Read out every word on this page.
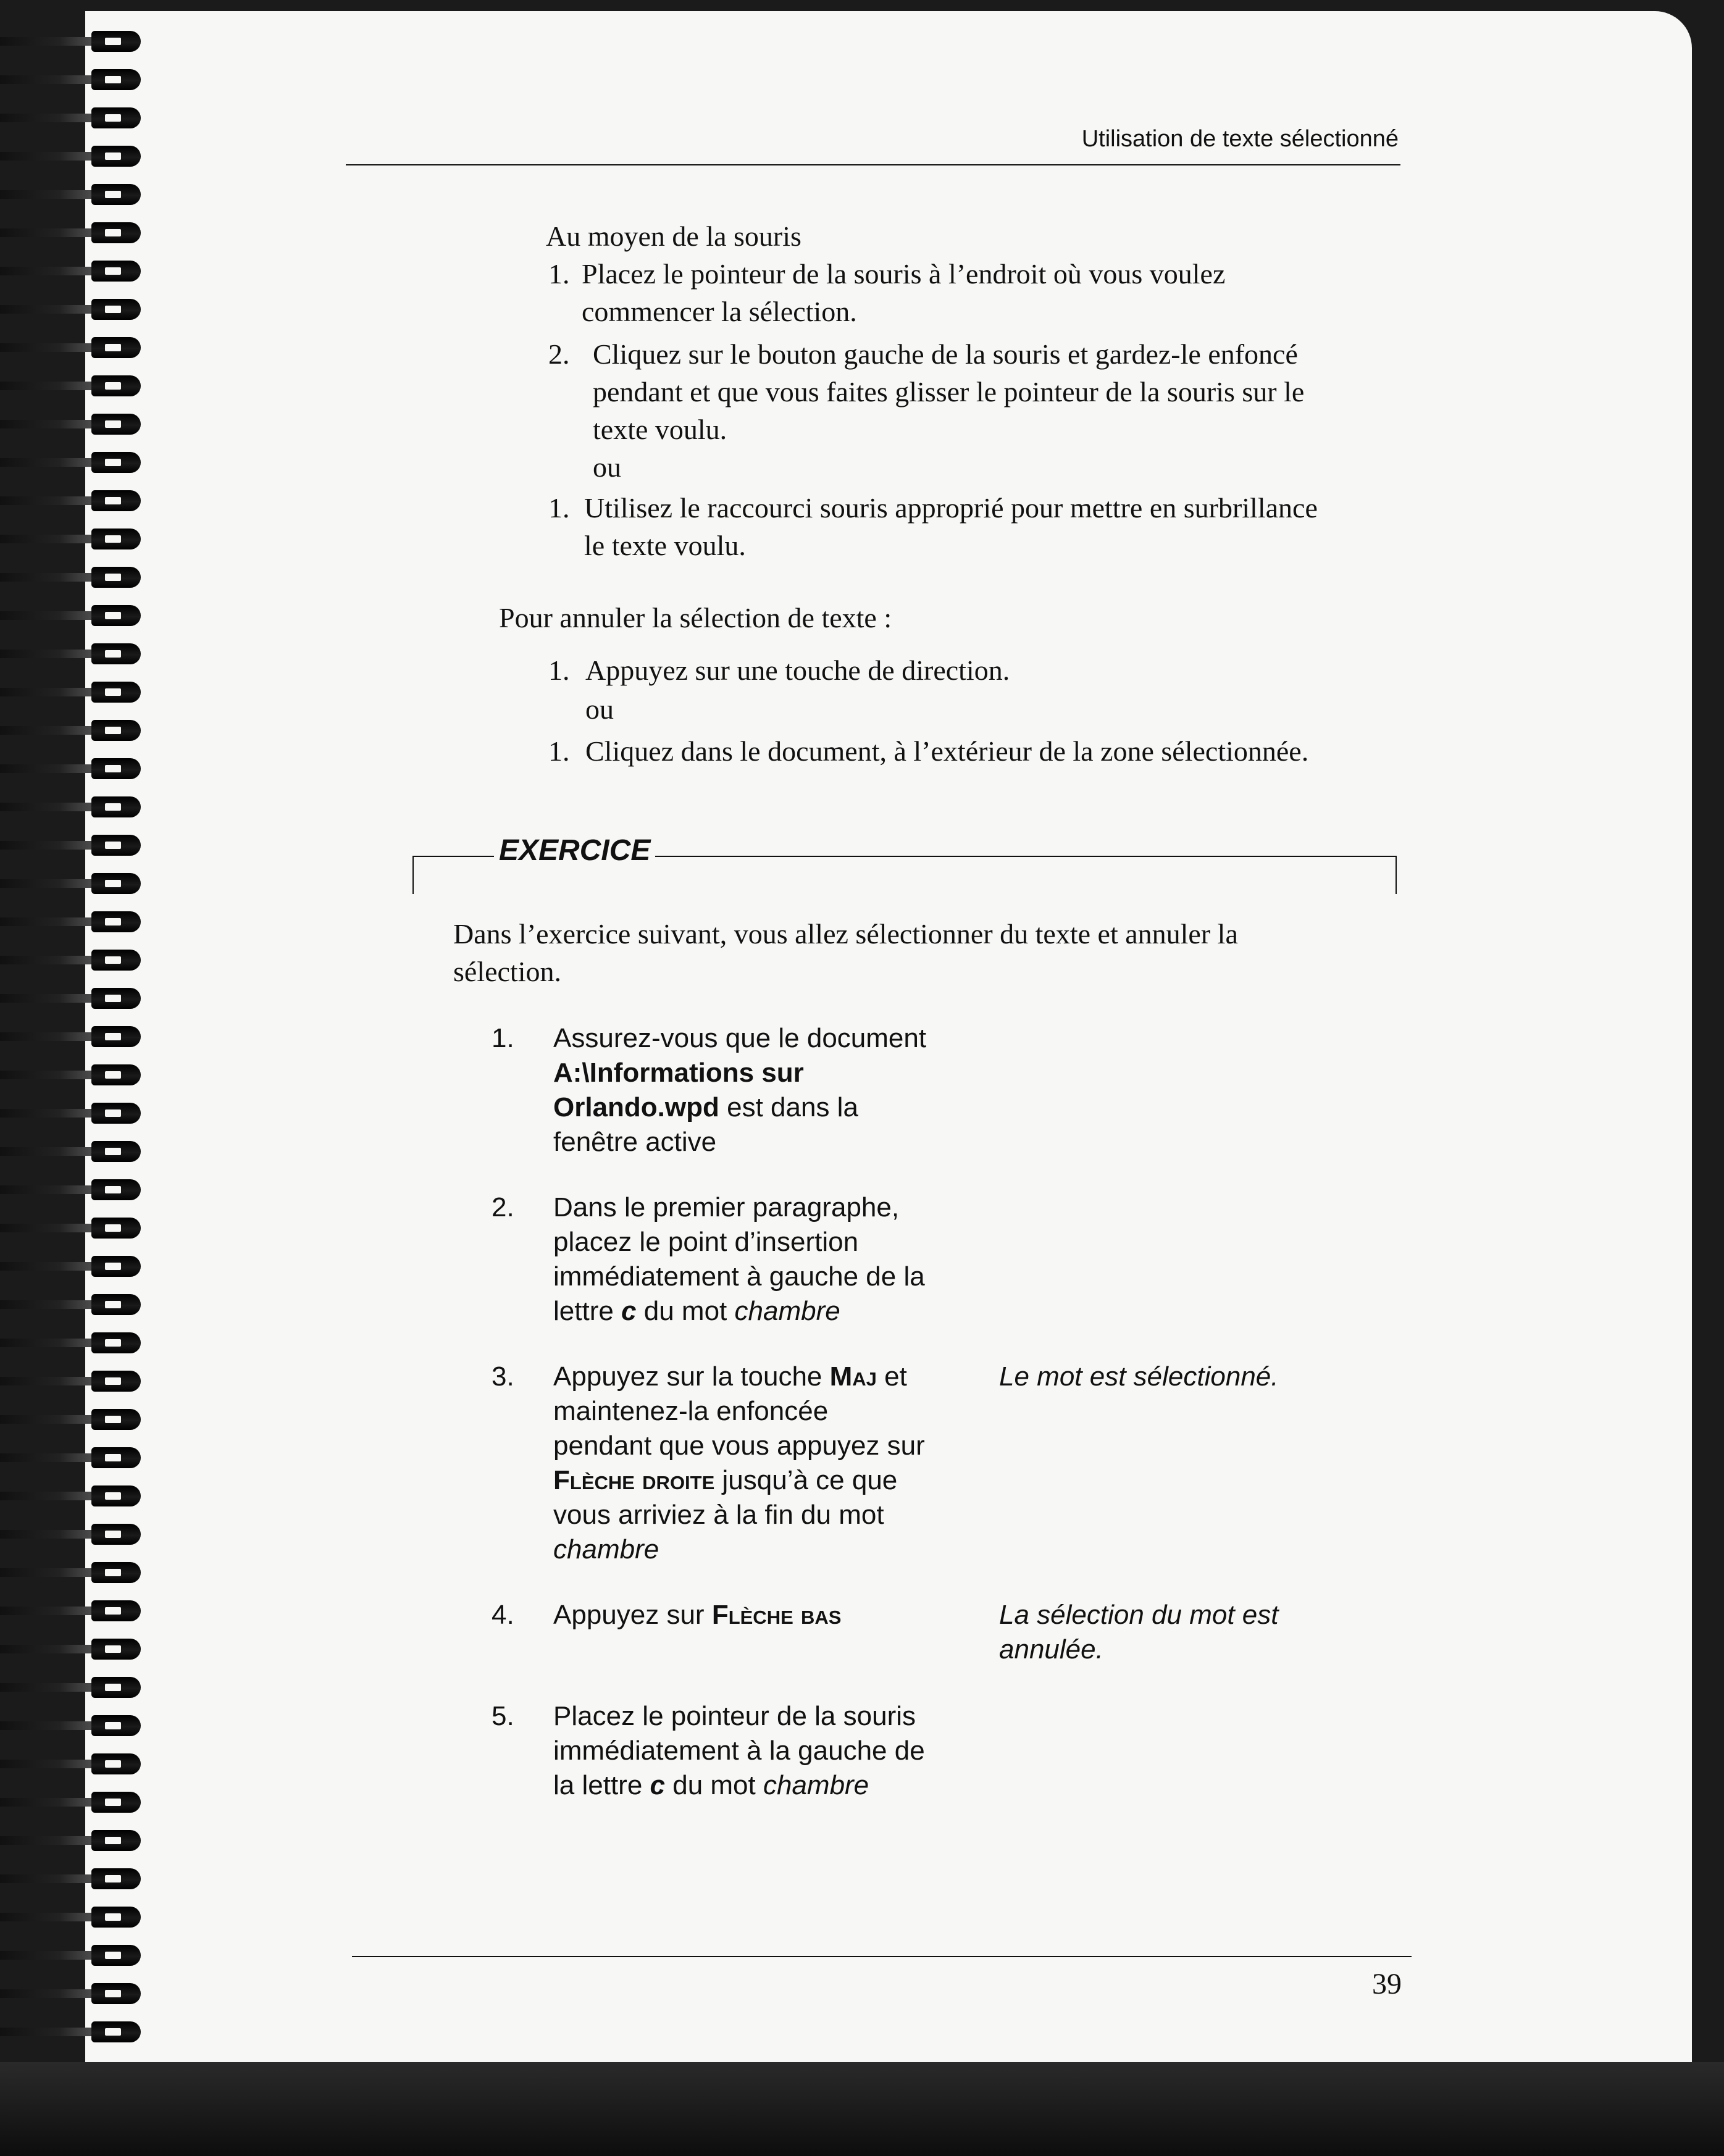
Utilisation de texte sélectionné
Au moyen de la souris
1. Placez le pointeur de la souris à l’endroit où vous voulez
commencer la sélection.
2. Cliquez sur le bouton gauche de la souris et gardez-le enfoncé
pendant et que vous faites glisser le pointeur de la souris sur le
texte voulu.
ou
1. Utilisez le raccourci souris approprié pour mettre en surbrillance
le texte voulu.
Pour annuler la sélection de texte :
1. Appuyez sur une touche de direction.
ou
1. Cliquez dans le document, à l’extérieur de la zone sélectionnée.
EXERCICE
Dans l’exercice suivant, vous allez sélectionner du texte et annuler la
sélection.
1. Assurez-vous que le document
A:\Informations sur
Orlando.wpd est dans la
fenêtre active
2. Dans le premier paragraphe,
placez le point d’insertion
immédiatement à gauche de la
lettre c du mot chambre
3. Appuyez sur la touche Maj et
maintenez-la enfoncée
pendant que vous appuyez sur
Flèche droite jusqu’à ce que
vous arriviez à la fin du mot
chambre
Le mot est sélectionné.
4. Appuyez sur Flèche bas	La sélection du mot est
annulée.
5. Placez le pointeur de la souris
immédiatement à la gauche de
la lettre c du mot chambre
39
